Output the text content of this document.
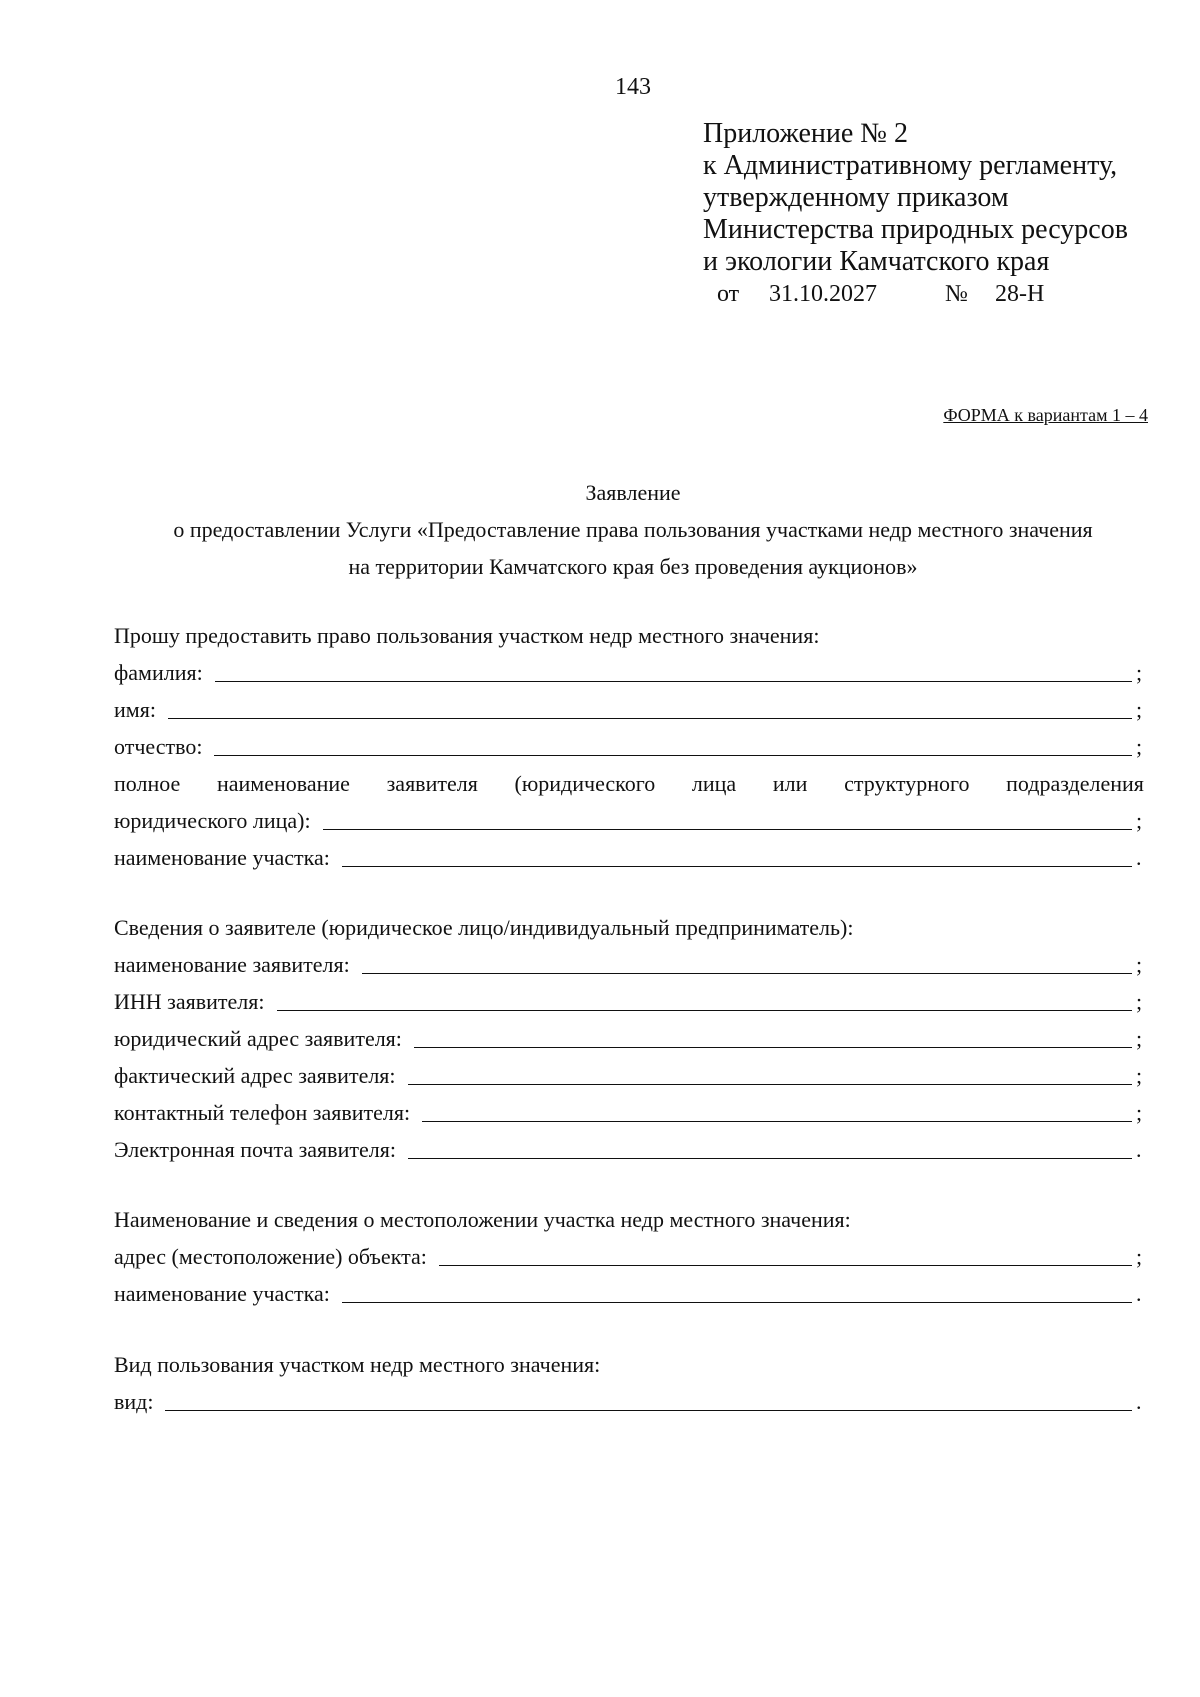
143
Приложение № 2
к Административному регламенту,
утвержденному приказом
Министерства природных ресурсов
и экологии Камчатского края
от 31.10.2027	№ 28-Н
ФОРМА к вариантам 1 – 4
Заявление
о предоставлении Услуги «Предоставление права пользования участками недр местного значения
на территории Камчатского края без проведения аукционов»
Прошу предоставить право пользования участком недр местного значения:
фамилия:	;
имя:	;
отчество:	;
полное наименование заявителя (юридического лица или структурного подразделения
юридического лица):	;
наименование участка:	.
Сведения о заявителе (юридическое лицо/индивидуальный предприниматель):
наименование заявителя:	;
ИНН заявителя:	;
юридический адрес заявителя:	;
фактический адрес заявителя:	;
контактный телефон заявителя:	;
Электронная почта заявителя:	.
Наименование и сведения о местоположении участка недр местного значения:
адрес (местоположение) объекта:	;
наименование участка:	.
Вид пользования участком недр местного значения:
вид:	.
